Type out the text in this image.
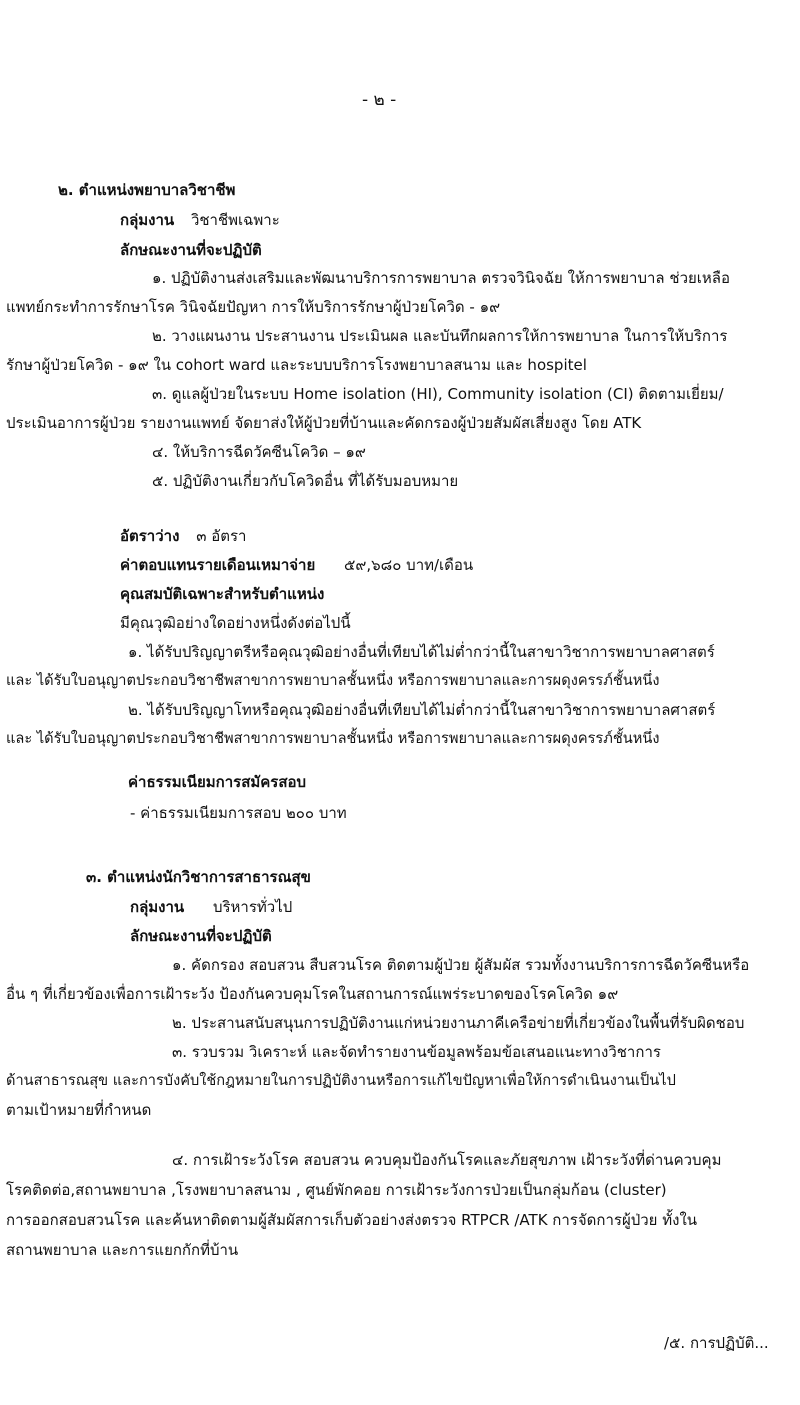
- ๒ -
๒. ตำแหน่งพยาบาลวิชาชีพ
กลุ่มงาน วิชาชีพเฉพาะ
ลักษณะงานที่จะปฏิบัติ
๑. ปฏิบัติงานส่งเสริมและพัฒนาบริการการพยาบาล ตรวจวินิจฉัย ให้การพยาบาล ช่วยเหลือ
แพทย์กระทำการรักษาโรค วินิจฉัยปัญหา การให้บริการรักษาผู้ป่วยโควิด - ๑๙
๒. วางแผนงาน ประสานงาน ประเมินผล และบันทึกผลการให้การพยาบาล ในการให้บริการ
รักษาผู้ป่วยโควิด - ๑๙ ใน cohort ward และระบบบริการโรงพยาบาลสนาม และ hospitel
๓. ดูแลผู้ป่วยในระบบ Home isolation (HI), Community isolation (CI) ติดตามเยี่ยม/
ประเมินอาการผู้ป่วย รายงานแพทย์ จัดยาส่งให้ผู้ป่วยที่บ้านและคัดกรองผู้ป่วยสัมผัสเสี่ยงสูง โดย ATK
๔. ให้บริการฉีดวัคซีนโควิด – ๑๙
๕. ปฏิบัติงานเกี่ยวกับโควิดอื่น ที่ได้รับมอบหมาย
อัตราว่าง ๓ อัตรา
ค่าตอบแทนรายเดือนเหมาจ่าย ๕๙,๖๘๐ บาท/เดือน
คุณสมบัติเฉพาะสำหรับตำแหน่ง
มีคุณวุฒิอย่างใดอย่างหนึ่งดังต่อไปนี้
๑. ได้รับปริญญาตรีหรือคุณวุฒิอย่างอื่นที่เทียบได้ไม่ต่ำกว่านี้ในสาขาวิชาการพยาบาลศาสตร์
และ ได้รับใบอนุญาตประกอบวิชาชีพสาขาการพยาบาลชั้นหนึ่ง หรือการพยาบาลและการผดุงครรภ์ชั้นหนึ่ง
๒. ได้รับปริญญาโทหรือคุณวุฒิอย่างอื่นที่เทียบได้ไม่ต่ำกว่านี้ในสาขาวิชาการพยาบาลศาสตร์
และ ได้รับใบอนุญาตประกอบวิชาชีพสาขาการพยาบาลชั้นหนึ่ง หรือการพยาบาลและการผดุงครรภ์ชั้นหนึ่ง
ค่าธรรมเนียมการสมัครสอบ
- ค่าธรรมเนียมการสอบ ๒๐๐ บาท
๓. ตำแหน่งนักวิชาการสาธารณสุข
กลุ่มงาน บริหารทั่วไป
ลักษณะงานที่จะปฏิบัติ
๑. คัดกรอง สอบสวน สืบสวนโรค ติดตามผู้ป่วย ผู้สัมผัส รวมทั้งงานบริการการฉีดวัคซีนหรือ
อื่น ๆ ที่เกี่ยวข้องเพื่อการเฝ้าระวัง ป้องกันควบคุมโรคในสถานการณ์แพร่ระบาดของโรคโควิด ๑๙
๒. ประสานสนับสนุนการปฏิบัติงานแก่หน่วยงานภาคีเครือข่ายที่เกี่ยวข้องในพื้นที่รับผิดชอบ
๓. รวบรวม วิเคราะห์ และจัดทำรายงานข้อมูลพร้อมข้อเสนอแนะทางวิชาการ
ด้านสาธารณสุข และการบังคับใช้กฎหมายในการปฏิบัติงานหรือการแก้ไขปัญหาเพื่อให้การดำเนินงานเป็นไป
ตามเป้าหมายที่กำหนด
๔. การเฝ้าระวังโรค สอบสวน ควบคุมป้องกันโรคและภัยสุขภาพ เฝ้าระวังที่ด่านควบคุม
โรคติดต่อ,สถานพยาบาล ,โรงพยาบาลสนาม , ศูนย์พักคอย การเฝ้าระวังการป่วยเป็นกลุ่มก้อน (cluster)
การออกสอบสวนโรค และค้นหาติดตามผู้สัมผัสการเก็บตัวอย่างส่งตรวจ RTPCR /ATK การจัดการผู้ป่วย ทั้งใน
สถานพยาบาล และการแยกกักที่บ้าน
/๕. การปฏิบัติ...
